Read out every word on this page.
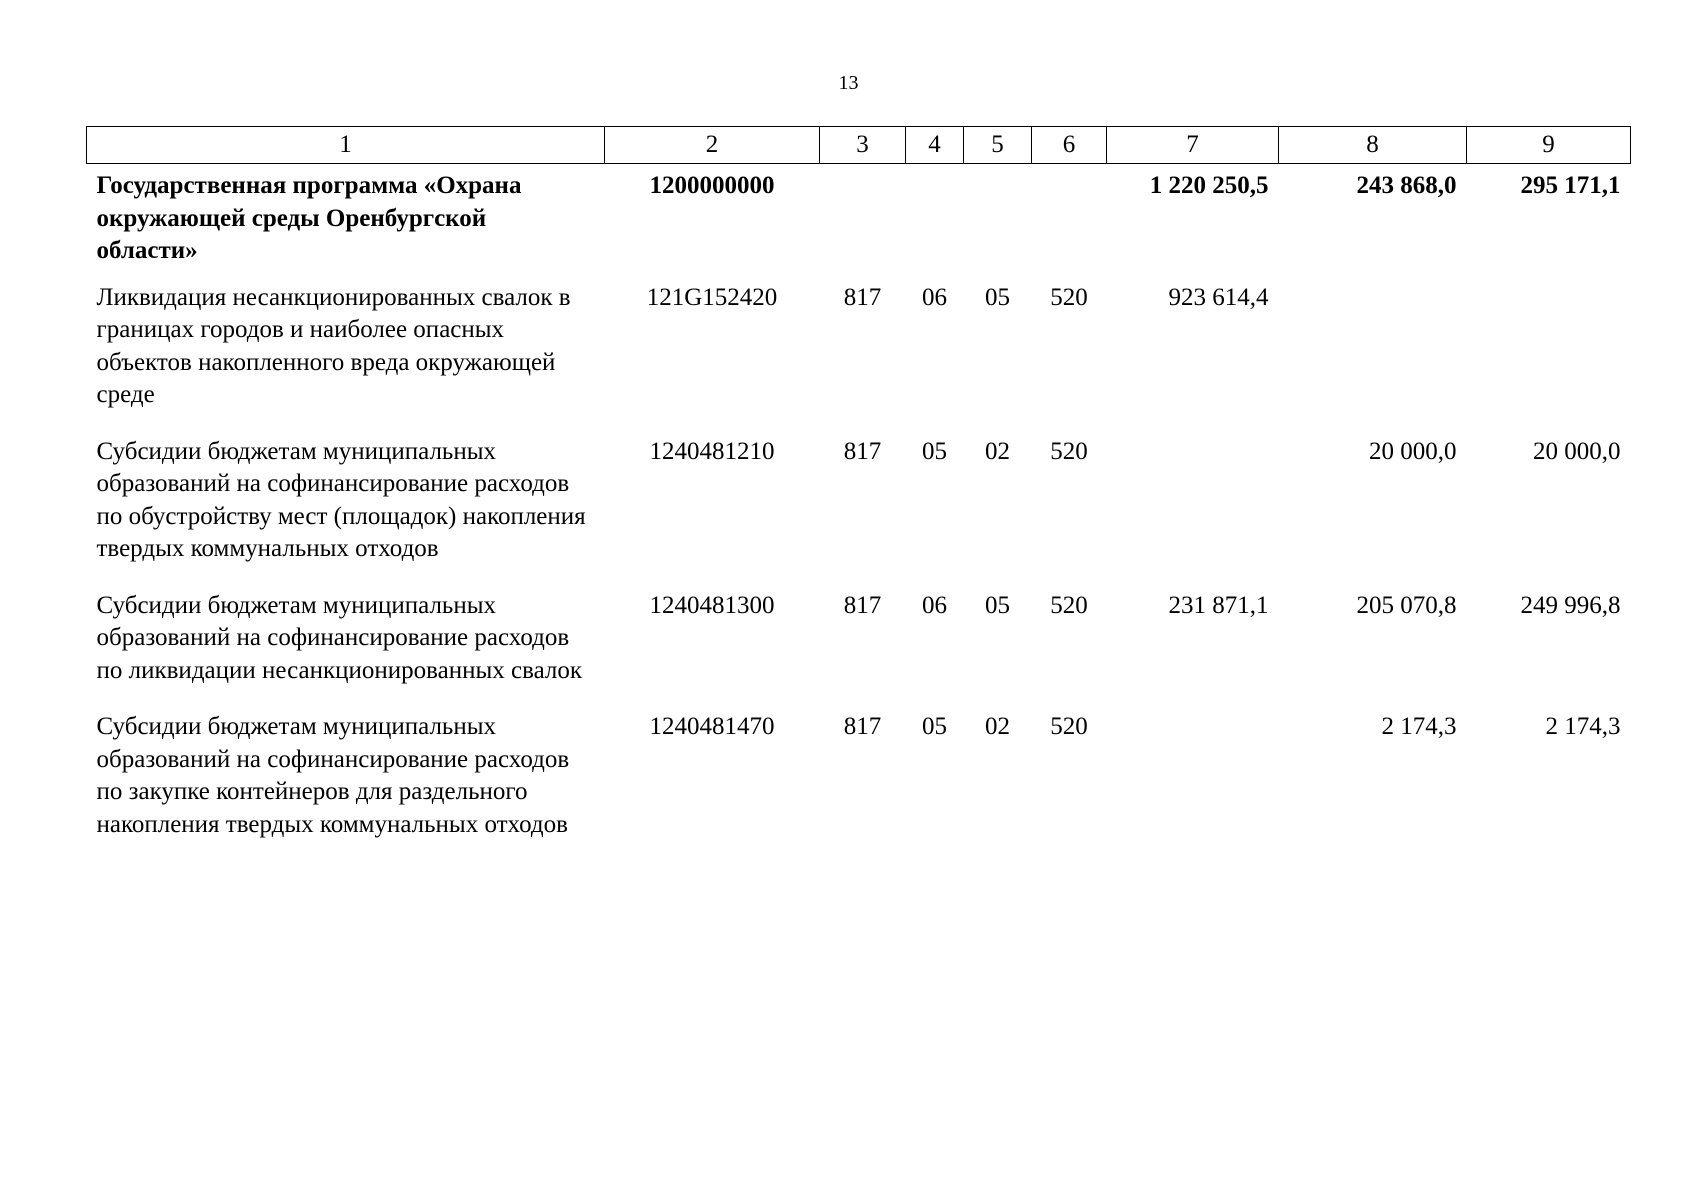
13
1	2	3	4	5	6	7	8	9
Государственная программа «Охрана окружающей среды Оренбургской области»	1200000000					1 220 250,5	243 868,0	295 171,1
Ликвидация несанкционированных свалок в границах городов и наиболее опасных объектов накопленного вреда окружающей среде	121G152420	817	06	05	520	923 614,4		
Субсидии бюджетам муниципальных образований на софинансирование расходов по обустройству мест (площадок) накопления твердых коммунальных отходов	1240481210	817	05	02	520		20 000,0	20 000,0
Субсидии бюджетам муниципальных образований на софинансирование расходов по ликвидации несанкционированных свалок	1240481300	817	06	05	520	231 871,1	205 070,8	249 996,8
Субсидии бюджетам муниципальных образований на софинансирование расходов по закупке контейнеров для раздельного накопления твердых коммунальных отходов	1240481470	817	05	02	520		2 174,3	2 174,3
